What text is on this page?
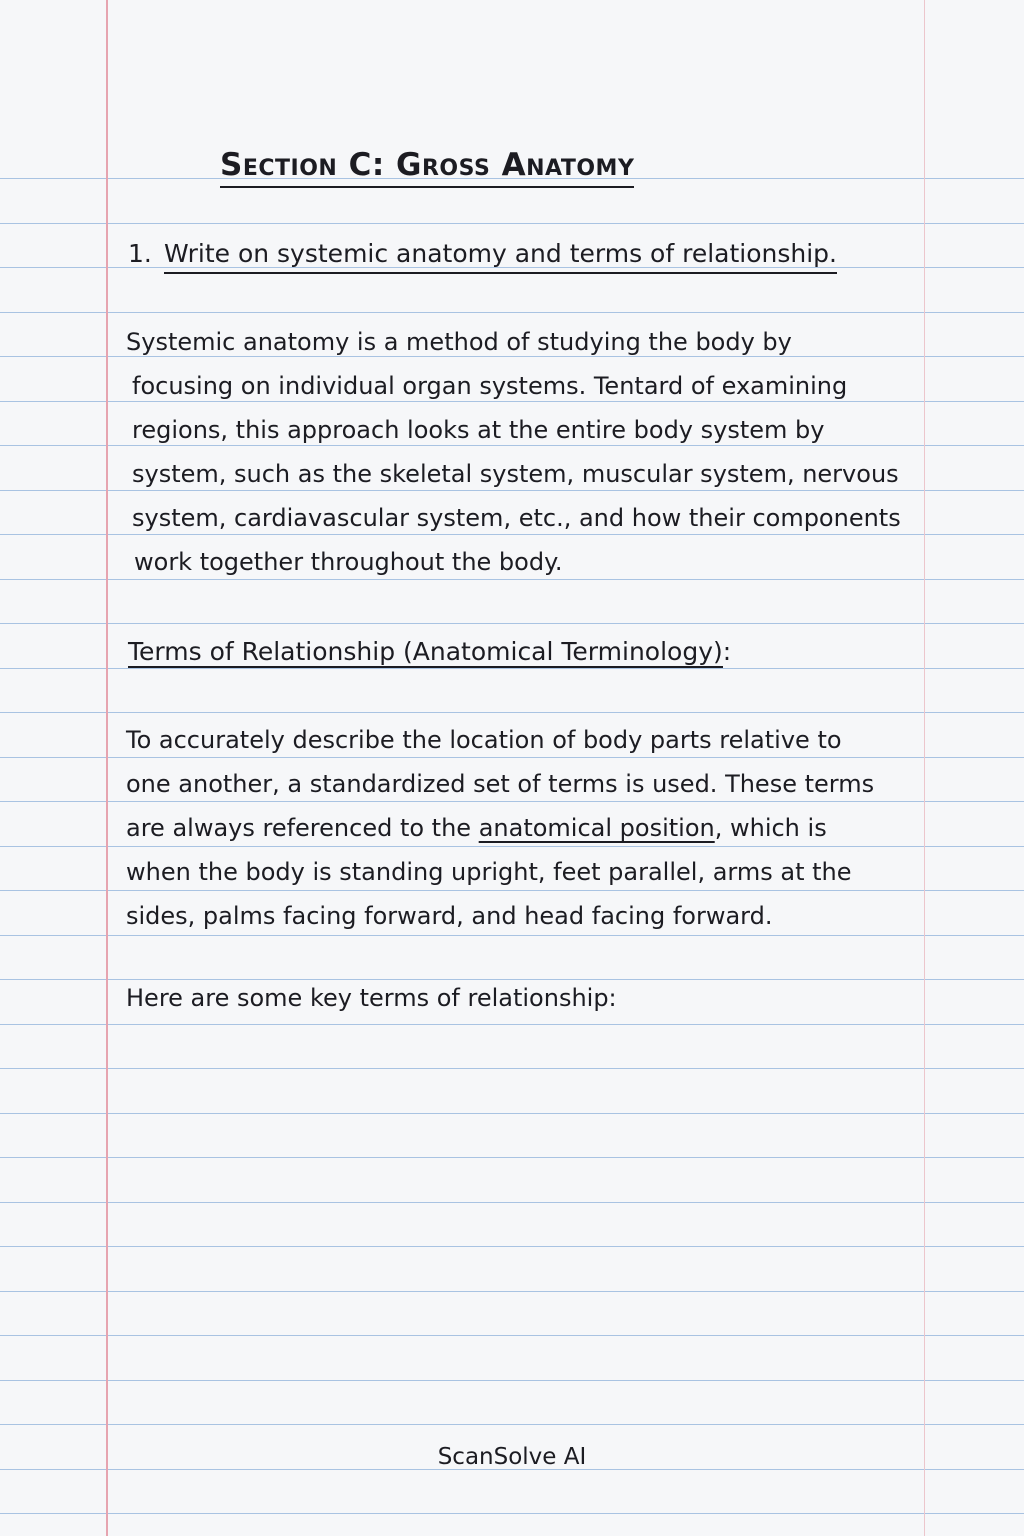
Section C: Gross Anatomy
1. Write on systemic anatomy and terms of relationship.
Systemic anatomy is a method of studying the body by
focusing on individual organ systems. Tentard of examining
regions, this approach looks at the entire body system by
system, such as the skeletal system, muscular system, nervous
system, cardiavascular system, etc., and how their components
work together throughout the body.
Terms of Relationship (Anatomical Terminology):
To accurately describe the location of body parts relative to
one another, a standardized set of terms is used. These terms
are always referenced to the anatomical position, which is
when the body is standing upright, feet parallel, arms at the
sides, palms facing forward, and head facing forward.
Here are some key terms of relationship:
ScanSolve AI
